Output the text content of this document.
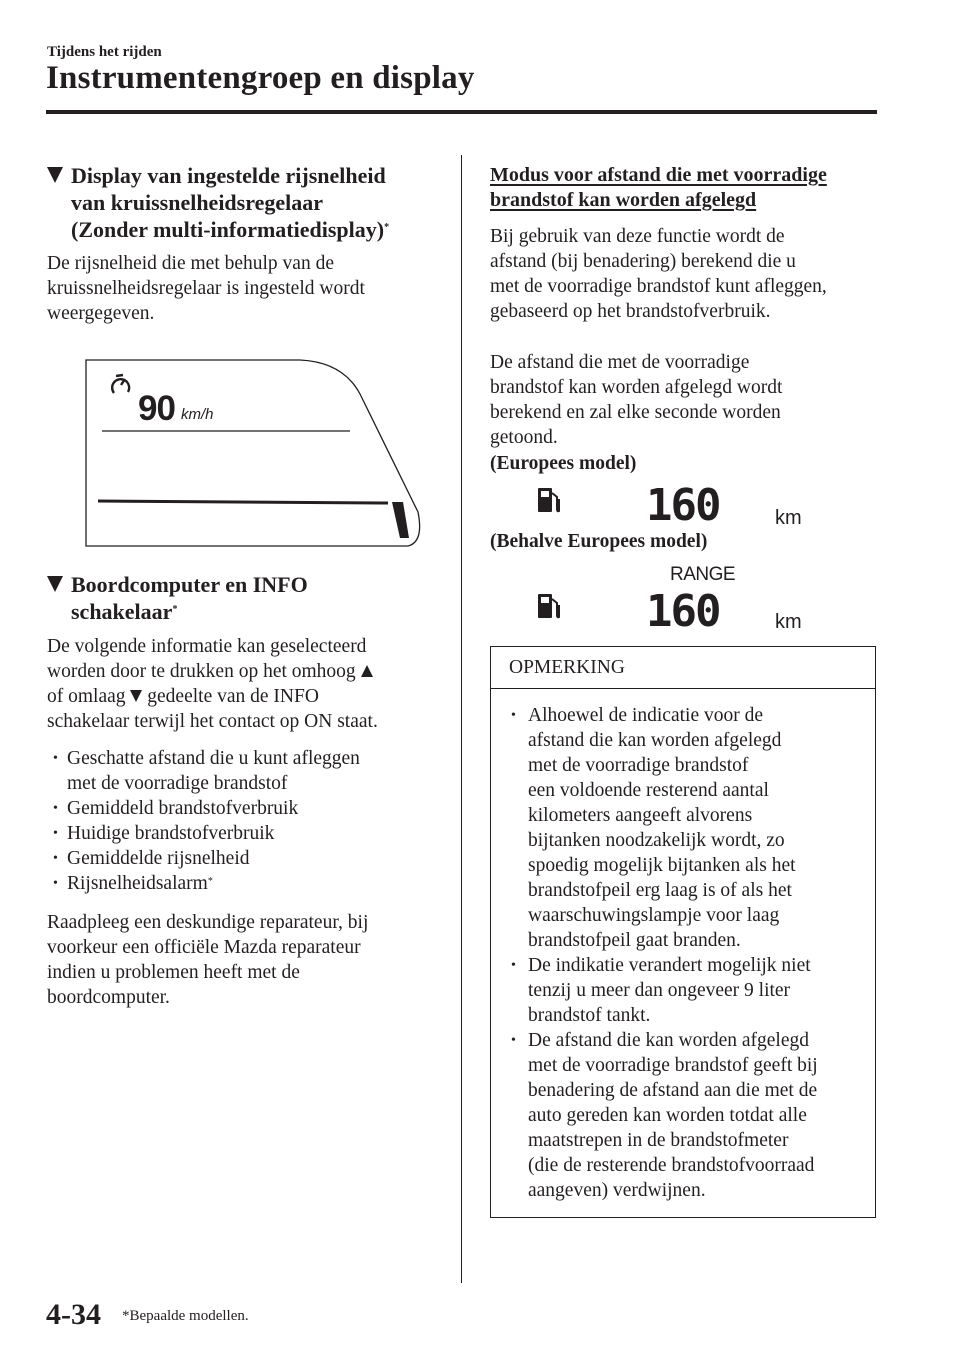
Tijdens het rijden
Instrumentengroep en display
Display van ingestelde rijsnelheid
van kruissnelheidsregelaar
(Zonder multi-informatiedisplay)*
De rijsnelheid die met behulp van de
kruissnelheidsregelaar is ingesteld wordt
weergegeven.
90 km/h
Boordcomputer en INFO
schakelaar*
De volgende informatie kan geselecteerd
worden door te drukken op het omhoog
of omlaag gedeelte van de INFO
schakelaar terwijl het contact op ON staat.
• Geschatte afstand die u kunt afleggen
met de voorradige brandstof
• Gemiddeld brandstofverbruik
• Huidige brandstofverbruik
• Gemiddelde rijsnelheid
• Rijsnelheidsalarm*
Raadpleeg een deskundige reparateur, bij
voorkeur een officiële Mazda reparateur
indien u problemen heeft met de
boordcomputer.
Modus voor afstand die met voorradige
brandstof kan worden afgelegd
Bij gebruik van deze functie wordt de
afstand (bij benadering) berekend die u
met de voorradige brandstof kunt afleggen,
gebaseerd op het brandstofverbruik.
De afstand die met de voorradige
brandstof kan worden afgelegd wordt
berekend en zal elke seconde worden
getoond.
(Europees model)
160	km
(Behalve Europees model)
RANGE
160	km
OPMERKING
• Alhoewel de indicatie voor de
afstand die kan worden afgelegd
met de voorradige brandstof
een voldoende resterend aantal
kilometers aangeeft alvorens
bijtanken noodzakelijk wordt, zo
spoedig mogelijk bijtanken als het
brandstofpeil erg laag is of als het
waarschuwingslampje voor laag
brandstofpeil gaat branden.
• De indikatie verandert mogelijk niet
tenzij u meer dan ongeveer 9 liter
brandstof tankt.
• De afstand die kan worden afgelegd
met de voorradige brandstof geeft bij
benadering de afstand aan die met de
auto gereden kan worden totdat alle
maatstrepen in de brandstofmeter
(die de resterende brandstofvoorraad
aangeven) verdwijnen.
4-34 *Bepaalde modellen.
